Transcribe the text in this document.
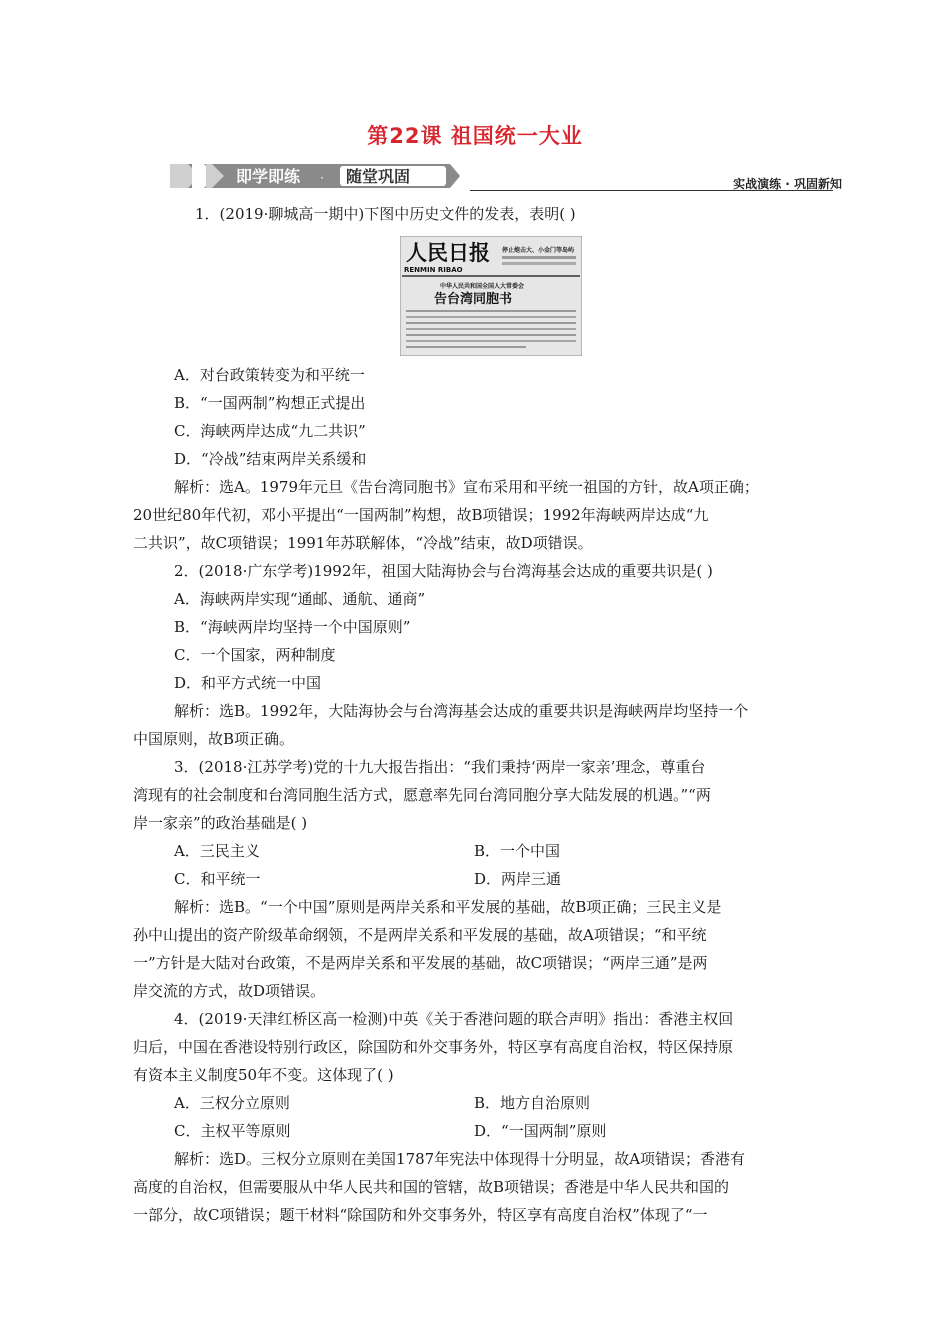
第22课 祖国统一大业
即学即练 · 随堂巩固	实战演练 · 巩固新知
1．(2019·聊城高一期中)下图中历史文件的发表，表明( )
人民日报
RENMIN RIBAO
停止炮击大、小金门等岛屿
中华人民共和国全国人大常委会
告台湾同胞书
A．对台政策转变为和平统一
B．“一国两制”构想正式提出
C．海峡两岸达成“九二共识”
D．“冷战”结束两岸关系缓和
解析：选A。1979年元旦《告台湾同胞书》宣布采用和平统一祖国的方针，故A项正确；
20世纪80年代初，邓小平提出“一国两制”构想，故B项错误；1992年海峡两岸达成“九
二共识”，故C项错误；1991年苏联解体，“冷战”结束，故D项错误。
2．(2018·广东学考)1992年，祖国大陆海协会与台湾海基会达成的重要共识是( )
A．海峡两岸实现“通邮、通航、通商”
B．“海峡两岸均坚持一个中国原则”
C．一个国家，两种制度
D．和平方式统一中国
解析：选B。1992年，大陆海协会与台湾海基会达成的重要共识是海峡两岸均坚持一个
中国原则，故B项正确。
3．(2018·江苏学考)党的十九大报告指出：“我们秉持‘两岸一家亲’理念，尊重台
湾现有的社会制度和台湾同胞生活方式，愿意率先同台湾同胞分享大陆发展的机遇。”“两
岸一家亲”的政治基础是( )
A．三民主义	B．一个中国
C．和平统一	D．两岸三通
解析：选B。“一个中国”原则是两岸关系和平发展的基础，故B项正确；三民主义是
孙中山提出的资产阶级革命纲领，不是两岸关系和平发展的基础，故A项错误；“和平统
一”方针是大陆对台政策，不是两岸关系和平发展的基础，故C项错误；“两岸三通”是两
岸交流的方式，故D项错误。
4．(2019·天津红桥区高一检测)中英《关于香港问题的联合声明》指出：香港主权回
归后，中国在香港设特别行政区，除国防和外交事务外，特区享有高度自治权，特区保持原
有资本主义制度50年不变。这体现了( )
A．三权分立原则	B．地方自治原则
C．主权平等原则	D．“一国两制”原则
解析：选D。三权分立原则在美国1787年宪法中体现得十分明显，故A项错误；香港有
高度的自治权，但需要服从中华人民共和国的管辖，故B项错误；香港是中华人民共和国的
一部分，故C项错误；题干材料“除国防和外交事务外，特区享有高度自治权”体现了“一
